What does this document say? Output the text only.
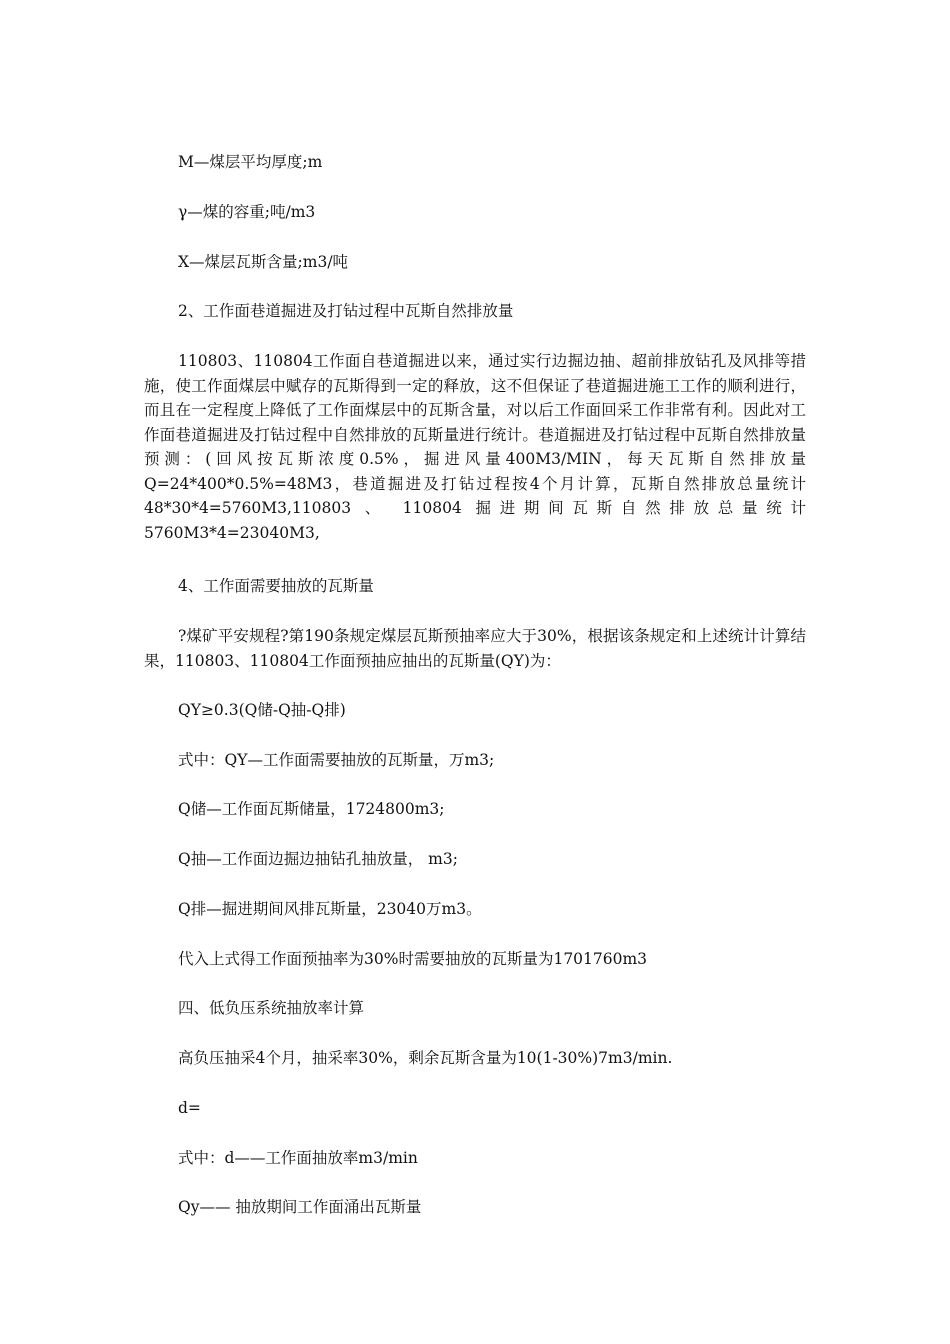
M—煤层平均厚度;m
γ—煤的容重;吨/m3
X—煤层瓦斯含量;m3/吨
2、工作面巷道掘进及打钻过程中瓦斯自然排放量
110803、110804工作面自巷道掘进以来，通过实行边掘边抽、超前排放钻孔及风排等措施，使工作面煤层中赋存的瓦斯得到一定的释放，这不但保证了巷道掘进施工工作的顺利进行，而且在一定程度上降低了工作面煤层中的瓦斯含量，对以后工作面回采工作非常有利。因此对工作面巷道掘进及打钻过程中自然排放的瓦斯量进行统计。巷道掘进及打钻过程中瓦斯自然排放量预测：(回风按瓦斯浓度0.5%，掘进风量400M3/MIN，每天瓦斯自然排放量Q=24*400*0.5%=48M3，巷道掘进及打钻过程按4个月计算，瓦斯自然排放总量统计 48*30*4=5760M3,110803 、 110804 掘进期间瓦斯自然排放总量统计5760M3*4=23040M3,
4、工作面需要抽放的瓦斯量
?煤矿平安规程?第190条规定煤层瓦斯预抽率应大于30%，根据该条规定和上述统计计算结果，110803、110804工作面预抽应抽出的瓦斯量(QY)为：
QY≥0.3(Q储-Q抽-Q排)
式中：QY—工作面需要抽放的瓦斯量，万m3;
Q储—工作面瓦斯储量，1724800m3;
Q抽—工作面边掘边抽钻孔抽放量， m3;
Q排—掘进期间风排瓦斯量，23040万m3。
代入上式得工作面预抽率为30%时需要抽放的瓦斯量为1701760m3
四、低负压系统抽放率计算
高负压抽采4个月，抽采率30%，剩余瓦斯含量为10(1-30%)7m3/min.
d=
式中：d——工作面抽放率m3/min
Qy—— 抽放期间工作面涌出瓦斯量
